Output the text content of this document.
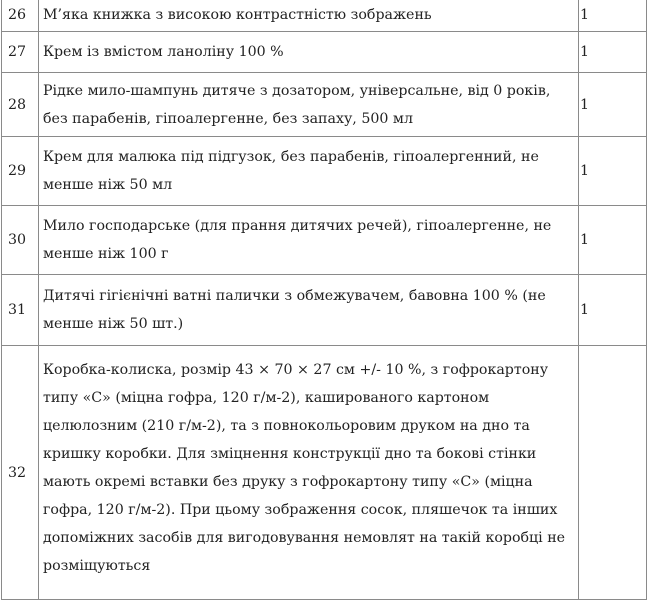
26	М’яка книжка з високою контрастністю зображень	1
27	Крем із вмістом ланоліну 100 %	1
28	Рідке мило-шампунь дитяче з дозатором, універсальне, від 0 років, без парабенів, гіпоалергенне, без запаху, 500 мл	1
29	Крем для малюка під підгузок, без парабенів, гіпоалергенний, не менше ніж 50 мл	1
30	Мило господарське (для прання дитячих речей), гіпоалергенне, не менше ніж 100 г	1
31	Дитячі гігієнічні ватні палички з обмежувачем, бавовна 100 % (не менше ніж 50 шт.)	1
32	Коробка-колиска, розмір 43 × 70 × 27 см +/- 10 %, з гофрокартону типу «С» (міцна гофра, 120 г/м-2), кашированого картоном целюлозним (210 г/м-2), та з повнокольоровим друком на дно та кришку коробки. Для зміцнення конструкції дно та бокові стінки мають окремі вставки без друку з гофрокартону типу «С» (міцна гофра, 120 г/м-2). При цьому зображення сосок, пляшечок та інших допоміжних засобів для вигодовування немовлят на такій коробці не розміщуються	
